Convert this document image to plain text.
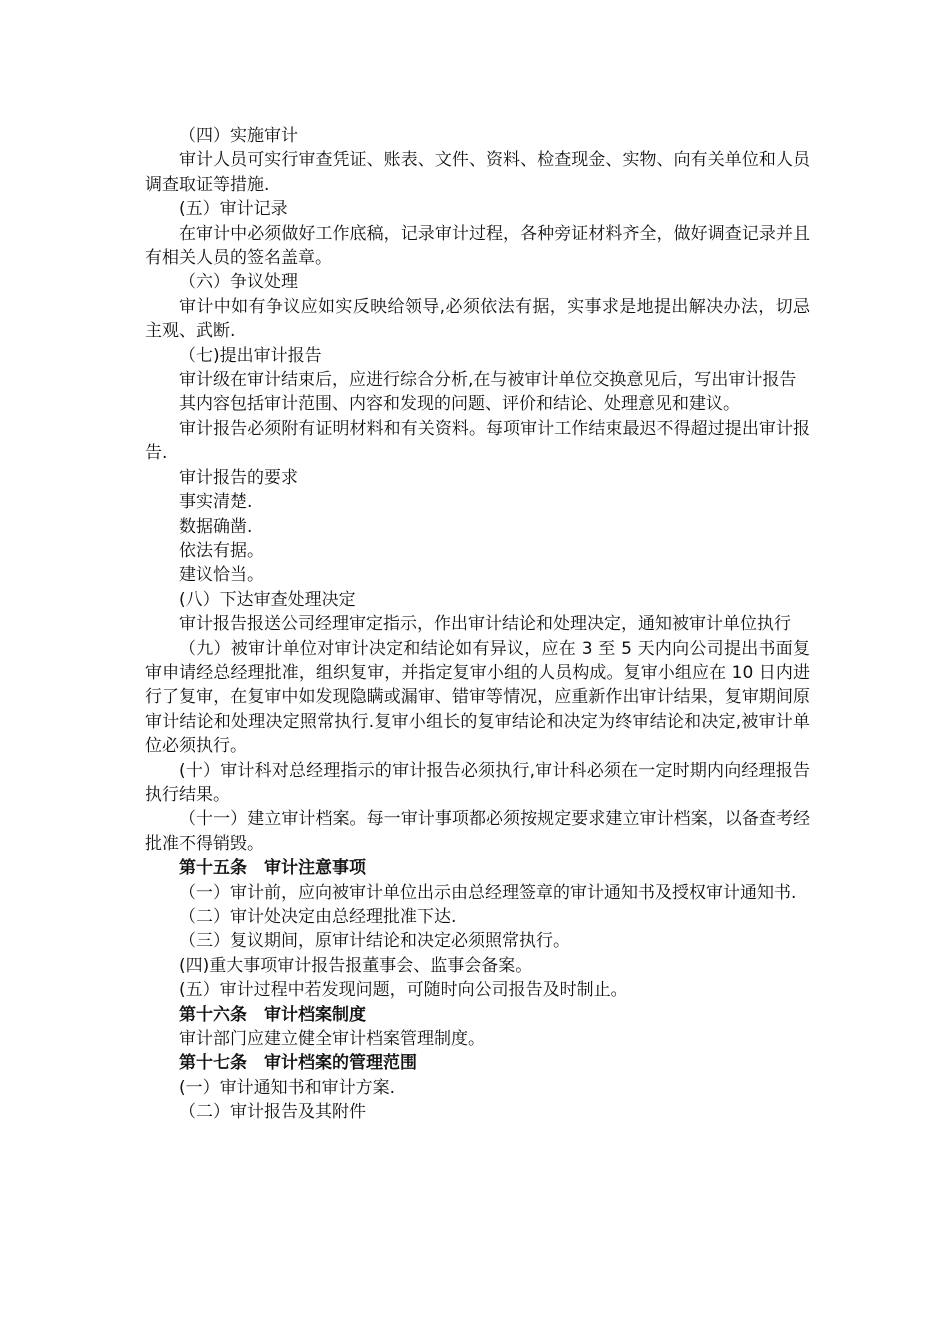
（四）实施审计

审计人员可实行审查凭证、账表、文件、资料、检查现金、实物、向有关单位和人员调查取证等措施.

(五）审计记录

在审计中必须做好工作底稿，记录审计过程，各种旁证材料齐全，做好调查记录并且有相关人员的签名盖章。

（六）争议处理

审计中如有争议应如实反映给领导,必须依法有据，实事求是地提出解决办法，切忌主观、武断.

（七)提出审计报告

审计级在审计结束后，应进行综合分析,在与被审计单位交换意见后，写出审计报告

其内容包括审计范围、内容和发现的问题、评价和结论、处理意见和建议。

审计报告必须附有证明材料和有关资料。每项审计工作结束最迟不得超过提出审计报告.

审计报告的要求

事实清楚.

数据确凿.

依法有据。

建议恰当。

(八）下达审查处理决定

审计报告报送公司经理审定指示，作出审计结论和处理决定，通知被审计单位执行

（九）被审计单位对审计决定和结论如有异议，应在 3 至 5 天内向公司提出书面复审申请经总经理批准，组织复审，并指定复审小组的人员构成。复审小组应在 10 日内进行了复审，在复审中如发现隐瞒或漏审、错审等情况，应重新作出审计结果，复审期间原审计结论和处理决定照常执行.复审小组长的复审结论和决定为终审结论和决定,被审计单位必须执行。

(十）审计科对总经理指示的审计报告必须执行,审计科必须在一定时期内向经理报告执行结果。

（十一）建立审计档案。每一审计事项都必须按规定要求建立审计档案，以备查考经批准不得销毁。

第十五条　审计注意事项

（一）审计前，应向被审计单位出示由总经理签章的审计通知书及授权审计通知书.

（二）审计处决定由总经理批准下达.

（三）复议期间，原审计结论和决定必须照常执行。

(四)重大事项审计报告报董事会、监事会备案。

(五）审计过程中若发现问题，可随时向公司报告及时制止。

第十六条　审计档案制度

审计部门应建立健全审计档案管理制度。

第十七条　审计档案的管理范围

(一）审计通知书和审计方案.

（二）审计报告及其附件
